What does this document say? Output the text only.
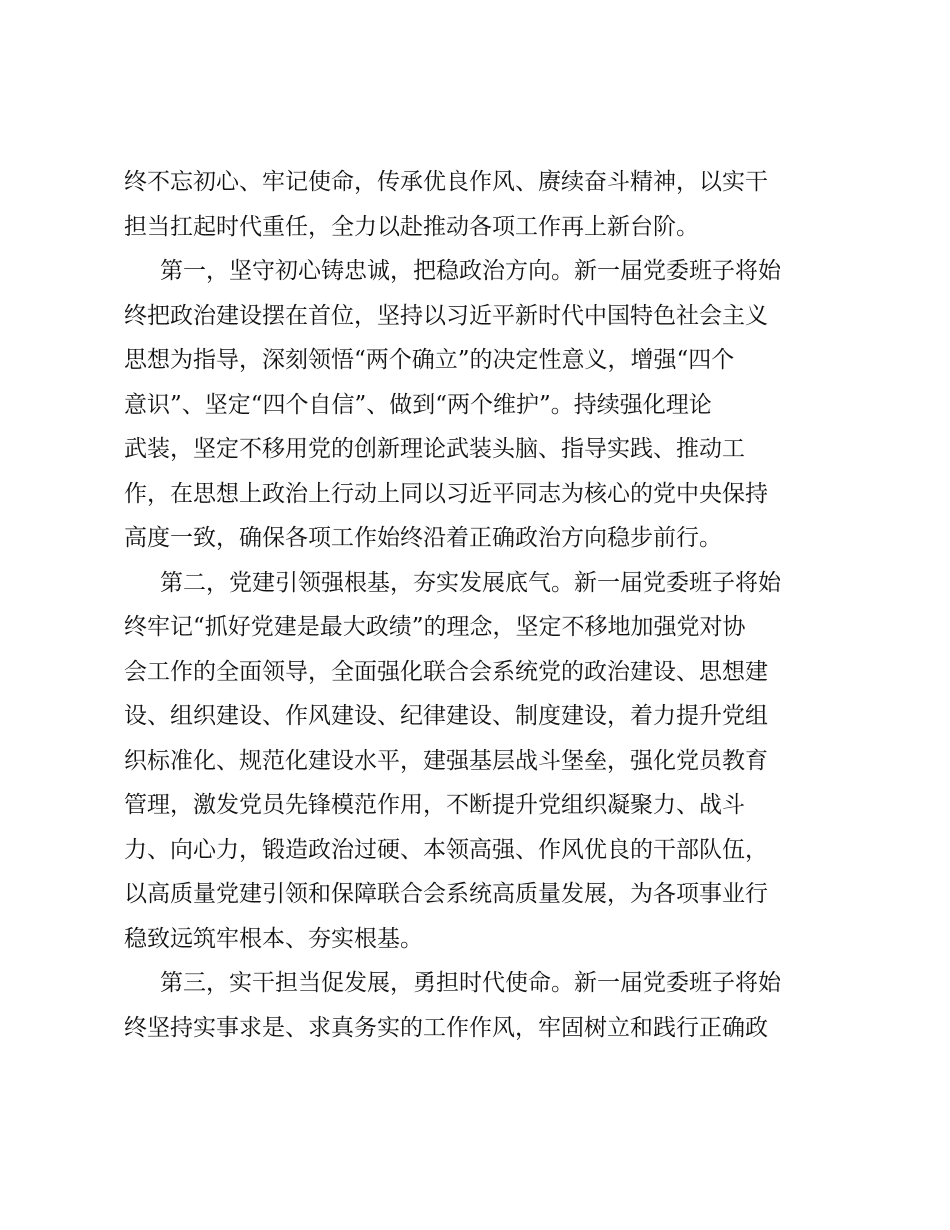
终不忘初心、牢记使命，传承优良作风、赓续奋斗精神，以实干
担当扛起时代重任，全力以赴推动各项工作再上新台阶。
第一，坚守初心铸忠诚，把稳政治方向。新一届党委班子将始
终把政治建设摆在首位，坚持以习近平新时代中国特色社会主义
思想为指导，深刻领悟“两个确立”的决定性意义，增强“四个
意识”、坚定“四个自信”、做到“两个维护”。持续强化理论
武装，坚定不移用党的创新理论武装头脑、指导实践、推动工
作，在思想上政治上行动上同以习近平同志为核心的党中央保持
高度一致，确保各项工作始终沿着正确政治方向稳步前行。
第二，党建引领强根基，夯实发展底气。新一届党委班子将始
终牢记“抓好党建是最大政绩”的理念，坚定不移地加强党对协
会工作的全面领导，全面强化联合会系统党的政治建设、思想建
设、组织建设、作风建设、纪律建设、制度建设，着力提升党组
织标准化、规范化建设水平，建强基层战斗堡垒，强化党员教育
管理，激发党员先锋模范作用，不断提升党组织凝聚力、战斗
力、向心力，锻造政治过硬、本领高强、作风优良的干部队伍，
以高质量党建引领和保障联合会系统高质量发展，为各项事业行
稳致远筑牢根本、夯实根基。
第三，实干担当促发展，勇担时代使命。新一届党委班子将始
终坚持实事求是、求真务实的工作作风，牢固树立和践行正确政
